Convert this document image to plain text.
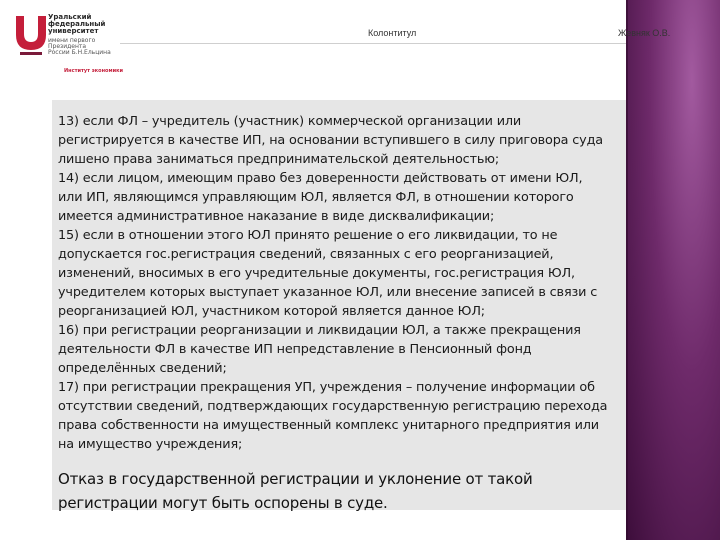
Уральский
федеральный
университет
имени первого Президента
России Б.Н.Ельцина
Институт экономики
Колонтитул	Жевняк О.В.
13) если ФЛ – учредитель (участник) коммерческой организации или
регистрируется в качестве ИП, на основании вступившего в силу приговора суда
лишено права заниматься предпринимательской деятельностью;
14) если лицом, имеющим право без доверенности действовать от имени ЮЛ,
или ИП, являющимся управляющим ЮЛ, является ФЛ, в отношении которого
имеется административное наказание в виде дисквалификации;
15) если в отношении этого ЮЛ принято решение о его ликвидации, то не
допускается гос.регистрация сведений, связанных с его реорганизацией,
изменений, вносимых в его учредительные документы, гос.регистрация ЮЛ,
учредителем которых выступает указанное ЮЛ, или внесение записей в связи с
реорганизацией ЮЛ, участником которой является данное ЮЛ;
16) при регистрации реорганизации и ликвидации ЮЛ, а также прекращения
деятельности ФЛ в качестве ИП непредставление в Пенсионный фонд
определённых сведений;
17) при регистрации прекращения УП, учреждения – получение информации об
отсутствии сведений, подтверждающих государственную регистрацию перехода
права собственности на имущественный комплекс унитарного предприятия или
на имущество учреждения;
Отказ в государственной регистрации и уклонение от такой
регистрации могут быть оспорены в суде.
